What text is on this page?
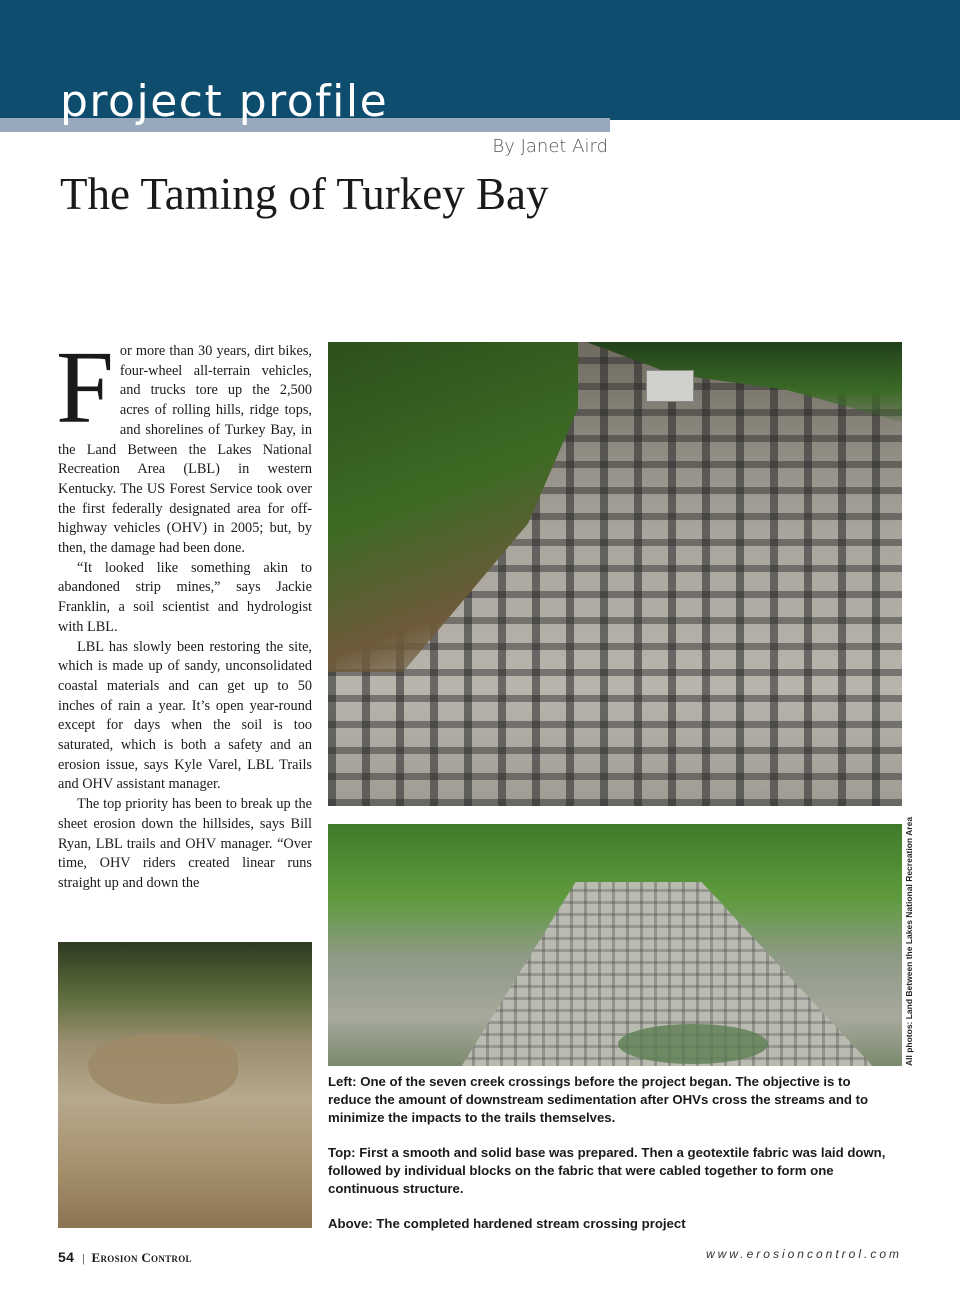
project profile
By Janet Aird
The Taming of Turkey Bay

For more than 30 years, dirt bikes, four-wheel all-terrain vehicles, and trucks tore up the 2,500 acres of rolling hills, ridge tops, and shorelines of Turkey Bay, in the Land Between the Lakes National Recreation Area (LBL) in western Kentucky. The US Forest Service took over the first federally designated area for off-highway vehicles (OHV) in 2005; but, by then, the damage had been done.

“It looked like something akin to abandoned strip mines,” says Jackie Franklin, a soil scientist and hydrologist with LBL.

LBL has slowly been restoring the site, which is made up of sandy, unconsolidated coastal materials and can get up to 50 inches of rain a year. It’s open year-round except for days when the soil is too saturated, which is both a safety and an erosion issue, says Kyle Varel, LBL Trails and OHV assistant manager.

The top priority has been to break up the sheet erosion down the hillsides, says Bill Ryan, LBL trails and OHV manager. “Over time, OHV riders created linear runs straight up and down the	All photos: Land Between the Lakes National Recreation Area

Left: One of the seven creek crossings before the project began. The objective is to reduce the amount of downstream sedimentation after OHVs cross the streams and to minimize the impacts to the trails themselves.

Top: First a smooth and solid base was prepared. Then a geotextile fabric was laid down, followed by individual blocks on the fabric that were cabled together to form one continuous structure.

Above: The completed hardened stream crossing project

54 | Erosion Control	www.erosioncontrol.com
